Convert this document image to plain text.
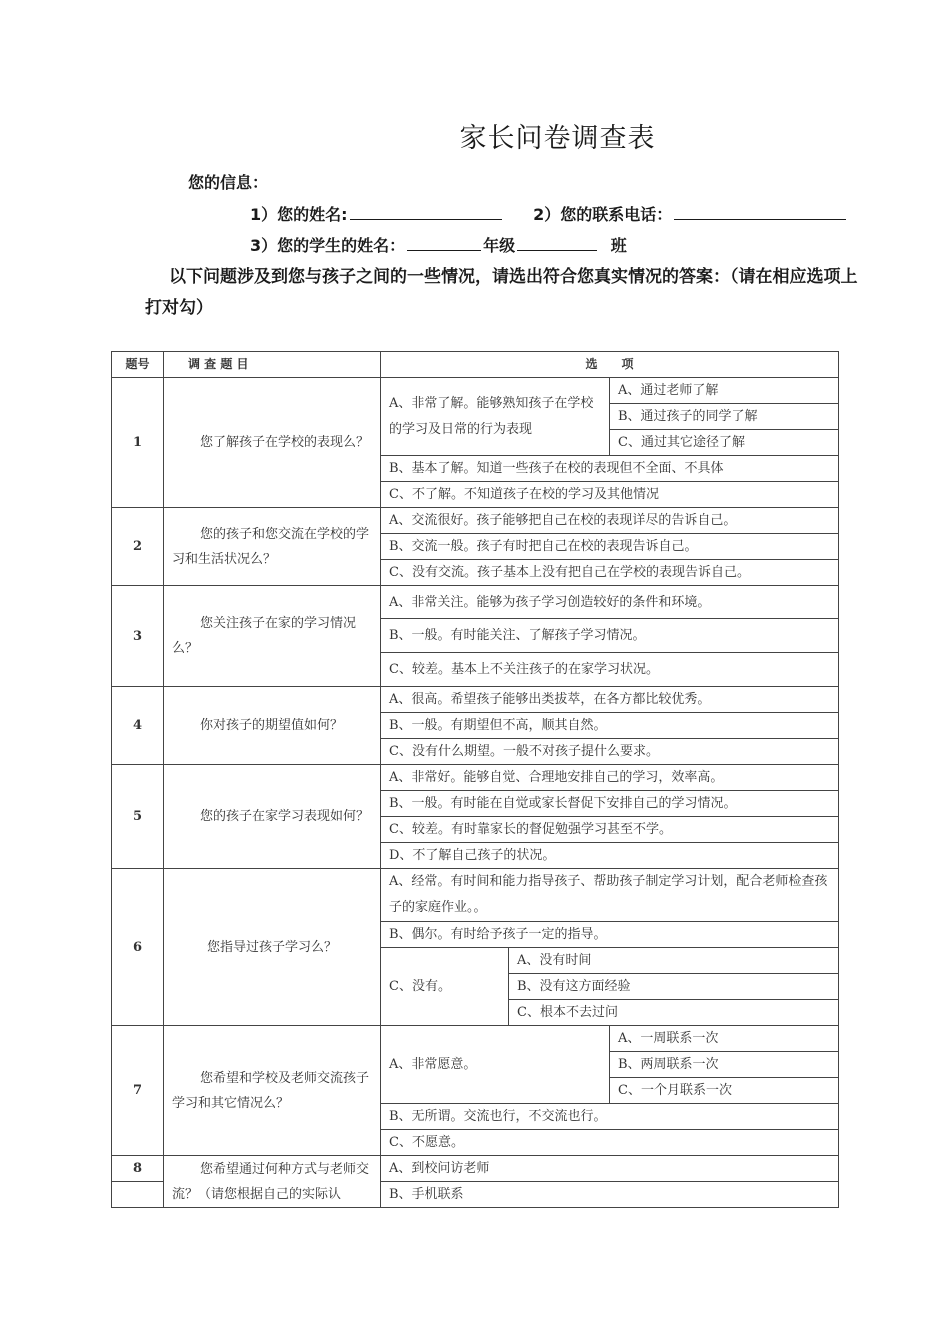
家长问卷调查表
您的信息：
1）您的姓名:	2）您的联系电话：
3）您的学生的姓名：	年级	班
以下问题涉及到您与孩子之间的一些情况，请选出符合您真实情况的答案：（请在相应选项上打对勾）
题号	调 查 题 目	选　　项		
1	您了解孩子在学校的表现么？	A、非常了解。能够熟知孩子在学校的学习及日常的行为表现		A、通过老师了解
				B、通过孩子的同学了解
				C、通过其它途径了解
		B、基本了解。知道一些孩子在校的表现但不全面、不具体		
		C、不了解。不知道孩子在校的学习及其他情况		
2	您的孩子和您交流在学校的学习和生活状况么？	A、交流很好。孩子能够把自己在校的表现详尽的告诉自己。		
		B、交流一般。孩子有时把自己在校的表现告诉自己。		
		C、没有交流。孩子基本上没有把自己在学校的表现告诉自己。		
3	您关注孩子在家的学习情况么？	A、非常关注。能够为孩子学习创造较好的条件和环境。		
		B、一般。有时能关注、了解孩子学习情况。		
		C、较差。基本上不关注孩子的在家学习状况。		
4	你对孩子的期望值如何？	A、很高。希望孩子能够出类拔萃，在各方都比较优秀。		
		B、一般。有期望但不高，顺其自然。		
		C、没有什么期望。一般不对孩子提什么要求。		
5	您的孩子在家学习表现如何？	A、非常好。能够自觉、合理地安排自己的学习，效率高。		
		B、一般。有时能在自觉或家长督促下安排自己的学习情况。		
		C、较差。有时靠家长的督促勉强学习甚至不学。		
		D、不了解自己孩子的状况。		
6	您指导过孩子学习么？	A、经常。有时间和能力指导孩子、帮助孩子制定学习计划，配合老师检查孩子的家庭作业。。		
		B、偶尔。有时给予孩子一定的指导。		
		C、没有。	A、没有时间	
			B、没有这方面经验	
			C、根本不去过问	
7	您希望和学校及老师交流孩子学习和其它情况么？	A、非常愿意。		A、一周联系一次
				B、两周联系一次
				C、一个月联系一次
		B、无所谓。交流也行，不交流也行。		
		C、不愿意。		
8	您希望通过何种方式与老师交流？（请您根据自己的实际认	A、到校问访老师		
		B、手机联系		
